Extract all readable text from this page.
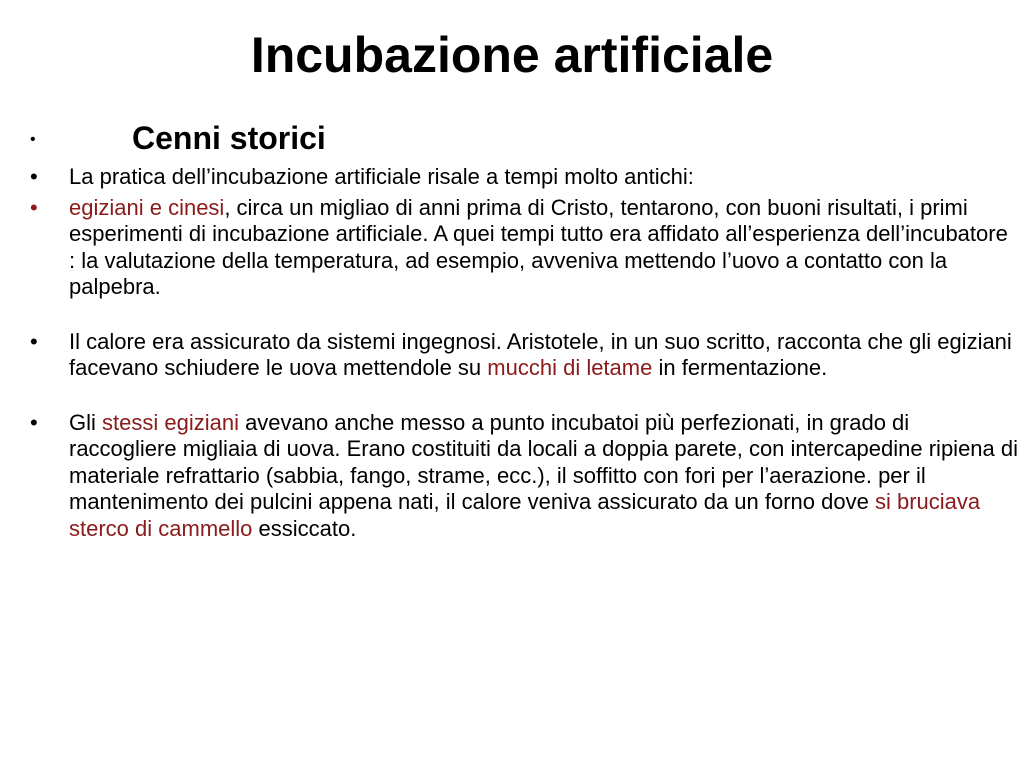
Incubazione artificiale
•	Cenni storici
•	La pratica dell’incubazione artificiale risale a tempi molto antichi:
•	egiziani e cinesi, circa un migliao di anni prima di Cristo, tentarono, con buoni risultati, i primi esperimenti di incubazione artificiale. A quei tempi tutto era affidato all’esperienza dell’incubatore : la valutazione della temperatura, ad esempio, avveniva mettendo l’uovo a contatto con la palpebra.
•	Il calore era assicurato da sistemi ingegnosi. Aristotele, in un suo scritto, racconta che gli egiziani facevano schiudere le uova mettendole su mucchi di letame in fermentazione.
•	Gli stessi egiziani avevano anche messo a punto incubatoi più perfezionati, in grado di raccogliere migliaia di uova. Erano costituiti da locali a doppia parete, con intercapedine ripiena di materiale refrattario (sabbia, fango, strame, ecc.), il soffitto con fori per l’aerazione. per il mantenimento dei pulcini appena nati, il calore veniva assicurato da un forno dove si bruciava sterco di cammello essiccato.
